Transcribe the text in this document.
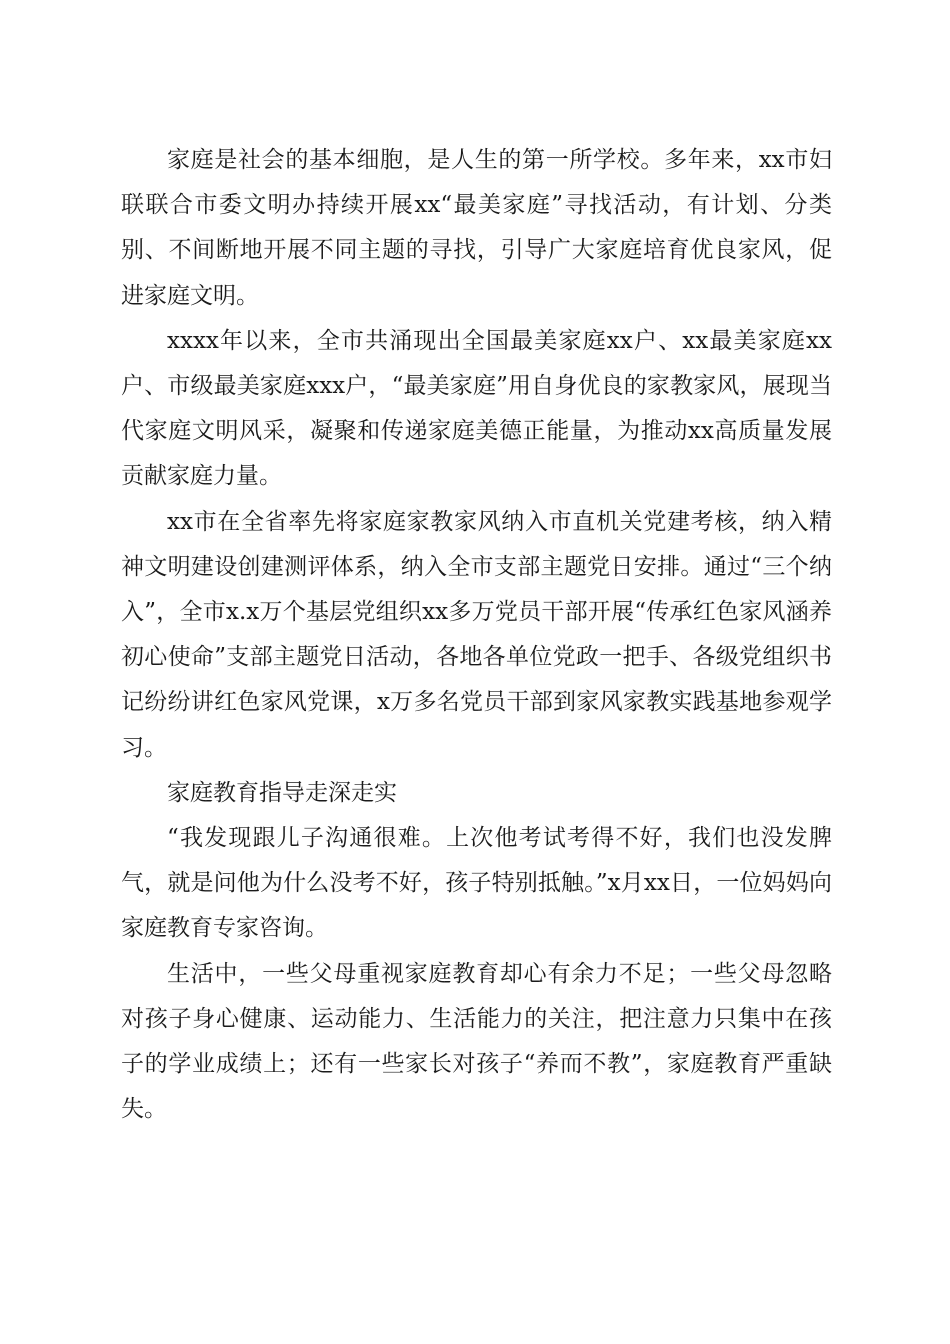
家庭是社会的基本细胞，是人生的第一所学校。多年来，xx市妇联联合市委文明办持续开展xx“最美家庭”寻找活动，有计划、分类别、不间断地开展不同主题的寻找，引导广大家庭培育优良家风，促进家庭文明。

xxxx年以来，全市共涌现出全国最美家庭xx户、xx最美家庭xx户、市级最美家庭xxx户，“最美家庭”用自身优良的家教家风，展现当代家庭文明风采，凝聚和传递家庭美德正能量，为推动xx高质量发展贡献家庭力量。

xx市在全省率先将家庭家教家风纳入市直机关党建考核，纳入精神文明建设创建测评体系，纳入全市支部主题党日安排。通过“三个纳入”，全市x.x万个基层党组织xx多万党员干部开展“传承红色家风涵养初心使命”支部主题党日活动，各地各单位党政一把手、各级党组织书记纷纷讲红色家风党课，x万多名党员干部到家风家教实践基地参观学习。

家庭教育指导走深走实

“我发现跟儿子沟通很难。上次他考试考得不好，我们也没发脾气，就是问他为什么没考不好，孩子特别抵触。”x月xx日，一位妈妈向家庭教育专家咨询。

生活中，一些父母重视家庭教育却心有余力不足；一些父母忽略对孩子身心健康、运动能力、生活能力的关注，把注意力只集中在孩子的学业成绩上；还有一些家长对孩子“养而不教”，家庭教育严重缺失。
